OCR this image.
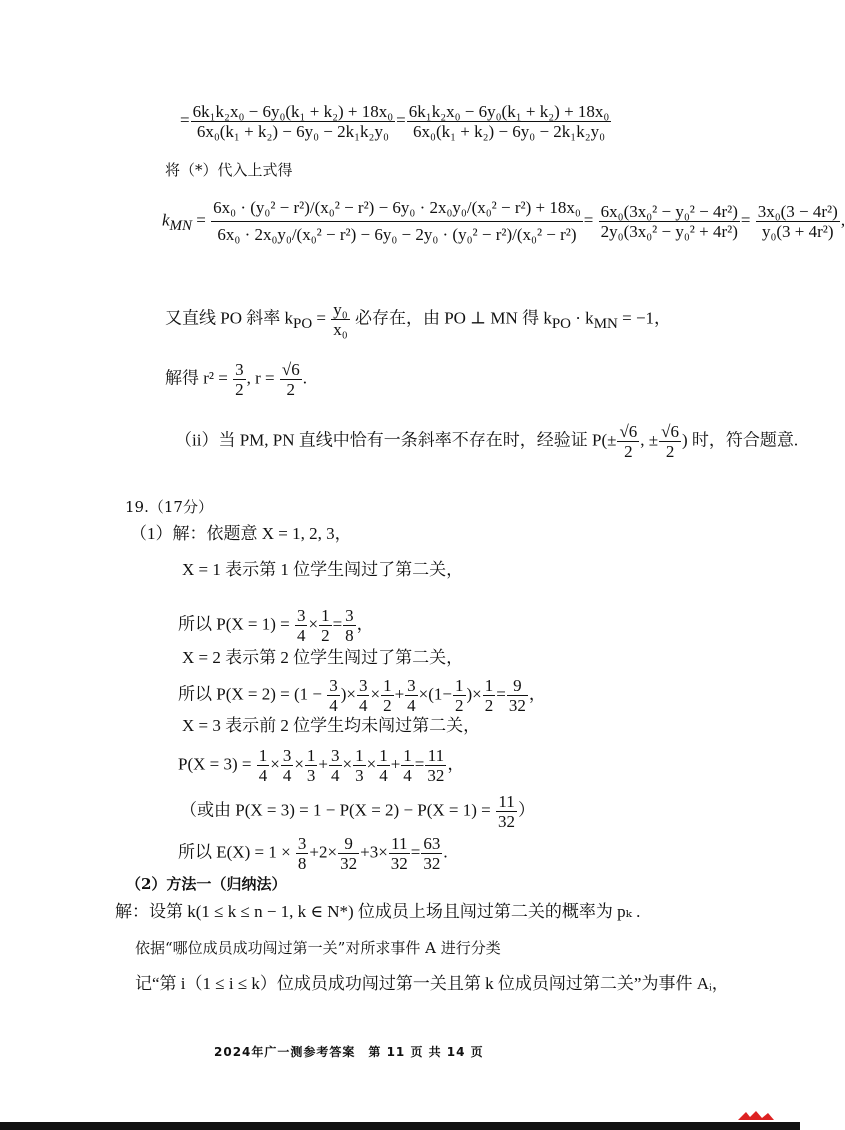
= $\frac{\text{6k₁k₂x₀ − 6y₀(k₁ + k₂) + 18x₀}}{\text{6x₀(k₁ + k₂) − 6y₀ − 2k₁k₂y₀}} = \frac{\text{6k₁k₂x₀ − 6y₀(k₁ + k₂) + 18x₀}}{\text{6x₀(k₁ + k₂) − 6y₀ − 2k₁k₂y₀}}$
将（*）代入上式得
$k_{MN} = \frac{\text{6x₀ · (y₀² − r²)/(x₀² − r²) − 6y₀ · 2x₀y₀/(x₀² − r²) + 18x₀}}{\text{6x₀ · 2x₀y₀/(x₀² − r²) − 6y₀ − 2y₀ · (y₀² − r²)/(x₀² − r²)}} = \frac{\text{6x₀(3x₀² − y₀² − 4r²)}}{\text{2y₀(3x₀² − y₀² + 4r²)}} = \frac{\text{3x₀(3 − 4r²)}}{\text{y₀(3 + 4r²)}}$ ,
又直线 PO 斜率 $k_{PO} = \frac{\text{y₀}}{\text{x₀}}$ 必存在，由 PO ⊥ MN 得 $k_{PO} \cdot k_{MN} = -1$，
解得 $r^2 = \frac{3}{2}$ , $r = \frac{√6}{2}$ .
（ii）当 PM, PN 直线中恰有一条斜率不存在时，经验证 $P(\pm \frac{√6}{2}$ , ± $\frac{√6}{2}$ ) 时，符合题意.
19.（17分）
（1）解：依题意 X = 1, 2, 3，
X = 1 表示第 1 位学生闯过了第二关，
所以 $P(X = 1) = \frac{3}{4} \times \frac{1}{2} = \frac{3}{8}$ ，
X = 2 表示第 2 位学生闯过了第二关，
所以 $P(X = 2) = (1 - \frac{3}{4}$ )× $\frac{3}{4} \times \frac{1}{2} + \frac{3}{4} \times(1- \frac{1}{2}$ )× $\frac{1}{2} = \frac{9}{32}$ ，
X = 3 表示前 2 位学生均未闯过第二关，
$P(X = 3) = \frac{1}{4} \times \frac{3}{4} \times \frac{1}{3} + \frac{3}{4} \times \frac{1}{3} \times \frac{1}{4} + \frac{1}{4} = \frac{11}{32}$ ，
（或由 $P(X = 3) = 1 - P(X = 2) - P(X = 1) = \frac{11}{32}$ ）
所以 $E(X) = 1 \times \frac{3}{8} +2\times \frac{9}{32} +3\times \frac{11}{32} = \frac{63}{32}$ .
（2）方法一（归纳法）
解：设第 k(1 ≤ k ≤ n − 1, k ∈ N*) 位成员上场且闯过第二关的概率为 pₖ .
依据“哪位成员成功闯过第一关”对所求事件 A 进行分类
记“第 i（1 ≤ i ≤ k）位成员成功闯过第一关且第 k 位成员闯过第二关”为事件 Aᵢ，
2024年广一测参考答案　第 11 页 共 14 页
